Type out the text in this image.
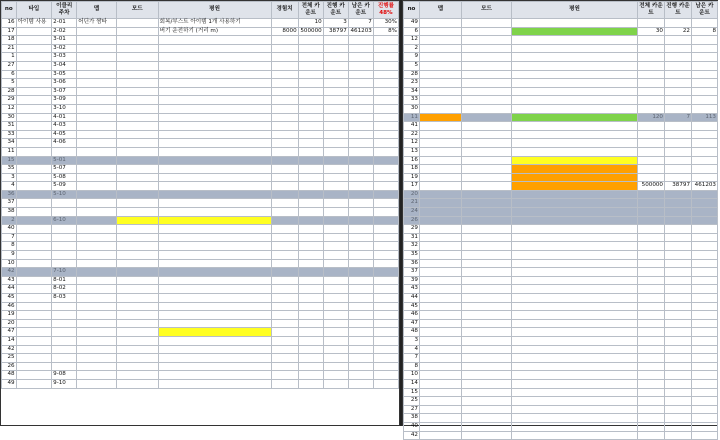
no	타입	이클리 주차	맵	모드	평원	경험치	전체 카운트	진행 카운트	남은 카운트	진행률 48%
16	아이템 사용	2-01	어딘가 짬타		회복/부스트 아이템 1개 사용하기		10	3	7	30%
17		2-02			버기 운전하기 (거리 m)	8000	500000	38797	461203	8%
18		3-01								
21		3-02								
1		3-03								
27		3-04								
6		3-05								
5		3-06								
28		3-07								
29		3-09								
12		3-10								
30		4-01								
31		4-03								
33		4-05								
34		4-06								
11										
15		5-01								
35		5-07								
3		5-08								
4		5-09								
36		5-10								
37										
38										
2		6-10								
40										
7										
8										
9										
10										
42		7-10								
43		8-01								
44		8-02								
45		8-03								
46										
19										
20										
47										
14										
42										
25										
26										
48		9-08								
49		9-10								
no	맵	모드	평원	전체 카운트	진행 카운트	남은 카운트
49						
6				30	22	8
12						
2						
9						
5						
28						
23						
34						
33						
30						
11				120	7	113
41						
22						
12						
13						
16						
18						
19						
17				500000	38797	461203
20						
21						
24						
26						
29						
31						
32						
35						
36						
37						
39						
43						
44						
45						
46						
47						
48						
3						
4						
7						
8						
10						
14						
15						
25						
27						
38						
40						
42						
